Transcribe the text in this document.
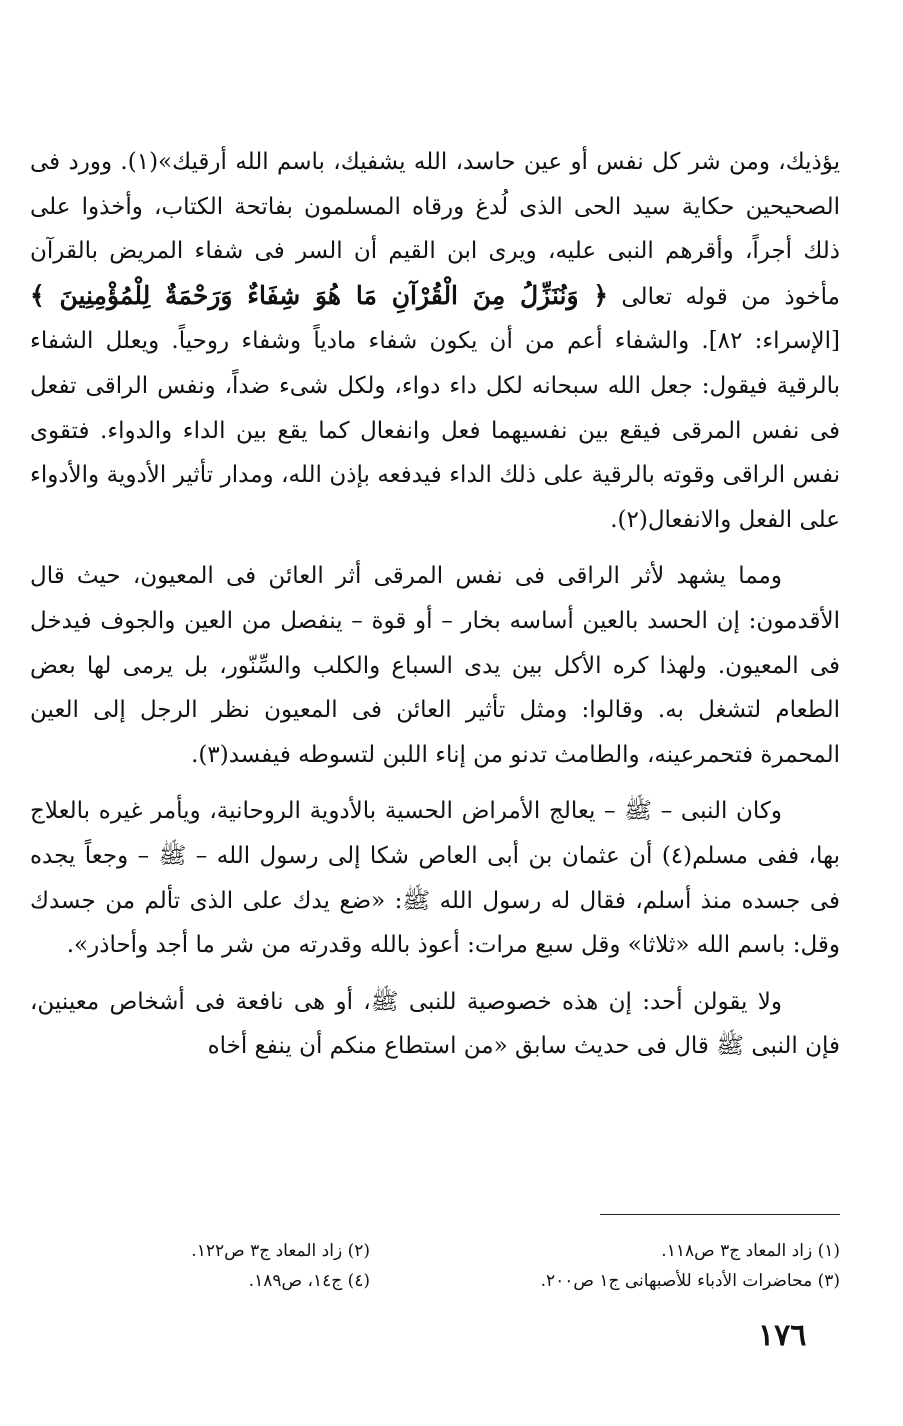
يؤذيك، ومن شر كل نفس أو عين حاسد، الله يشفيك، باسم الله أرقيك»(١). وورد فى الصحيحين حكاية سيد الحى الذى لُدغ ورقاه المسلمون بفاتحة الكتاب، وأخذوا على ذلك أجراً، وأقرهم النبى عليه، ويرى ابن القيم أن السر فى شفاء المريض بالقرآن مأخوذ من قوله تعالى ﴿ وَنُنَزِّلُ مِنَ الْقُرْآنِ مَا هُوَ شِفَاءٌ وَرَحْمَةٌ لِلْمُؤْمِنِينَ ﴾ [الإسراء: ٨٢]. والشفاء أعم من أن يكون شفاء مادياً وشفاء روحياً. ويعلل الشفاء بالرقية فيقول: جعل الله سبحانه لكل داء دواء، ولكل شىء ضداً، ونفس الراقى تفعل فى نفس المرقى فيقع بين نفسيهما فعل وانفعال كما يقع بين الداء والدواء. فتقوى نفس الراقى وقوته بالرقية على ذلك الداء فيدفعه بإذن الله، ومدار تأثير الأدوية والأدواء على الفعل والانفعال(٢).

ومما يشهد لأثر الراقى فى نفس المرقى أثر العائن فى المعيون، حيث قال الأقدمون: إن الحسد بالعين أساسه بخار – أو قوة – ينفصل من العين والجوف فيدخل فى المعيون. ولهذا كره الأكل بين يدى السباع والكلب والسِّنّور، بل يرمى لها بعض الطعام لتشغل به. وقالوا: ومثل تأثير العائن فى المعيون نظر الرجل إلى العين المحمرة فتحمرعينه، والطامث تدنو من إناء اللبن لتسوطه فيفسد(٣).

وكان النبى – ﷺ – يعالج الأمراض الحسية بالأدوية الروحانية، ويأمر غيره بالعلاج بها، ففى مسلم(٤) أن عثمان بن أبى العاص شكا إلى رسول الله – ﷺ – وجعاً يجده فى جسده منذ أسلم، فقال له رسول الله ﷺ: «ضع يدك على الذى تألم من جسدك وقل: باسم الله «ثلاثا» وقل سبع مرات: أعوذ بالله وقدرته من شر ما أجد وأحاذر».

ولا يقولن أحد: إن هذه خصوصية للنبى ﷺ، أو هى نافعة فى أشخاص معينين، فإن النبى ﷺ قال فى حديث سابق «من استطاع منكم أن ينفع أخاه

(١) زاد المعاد ج٣ ص١١٨.
(٢) زاد المعاد ج٣ ص١٢٢.
(٣) محاضرات الأدباء للأصبهانى ج١ ص٢٠٠.
(٤) ج١٤، ص١٨٩.
١٧٦
